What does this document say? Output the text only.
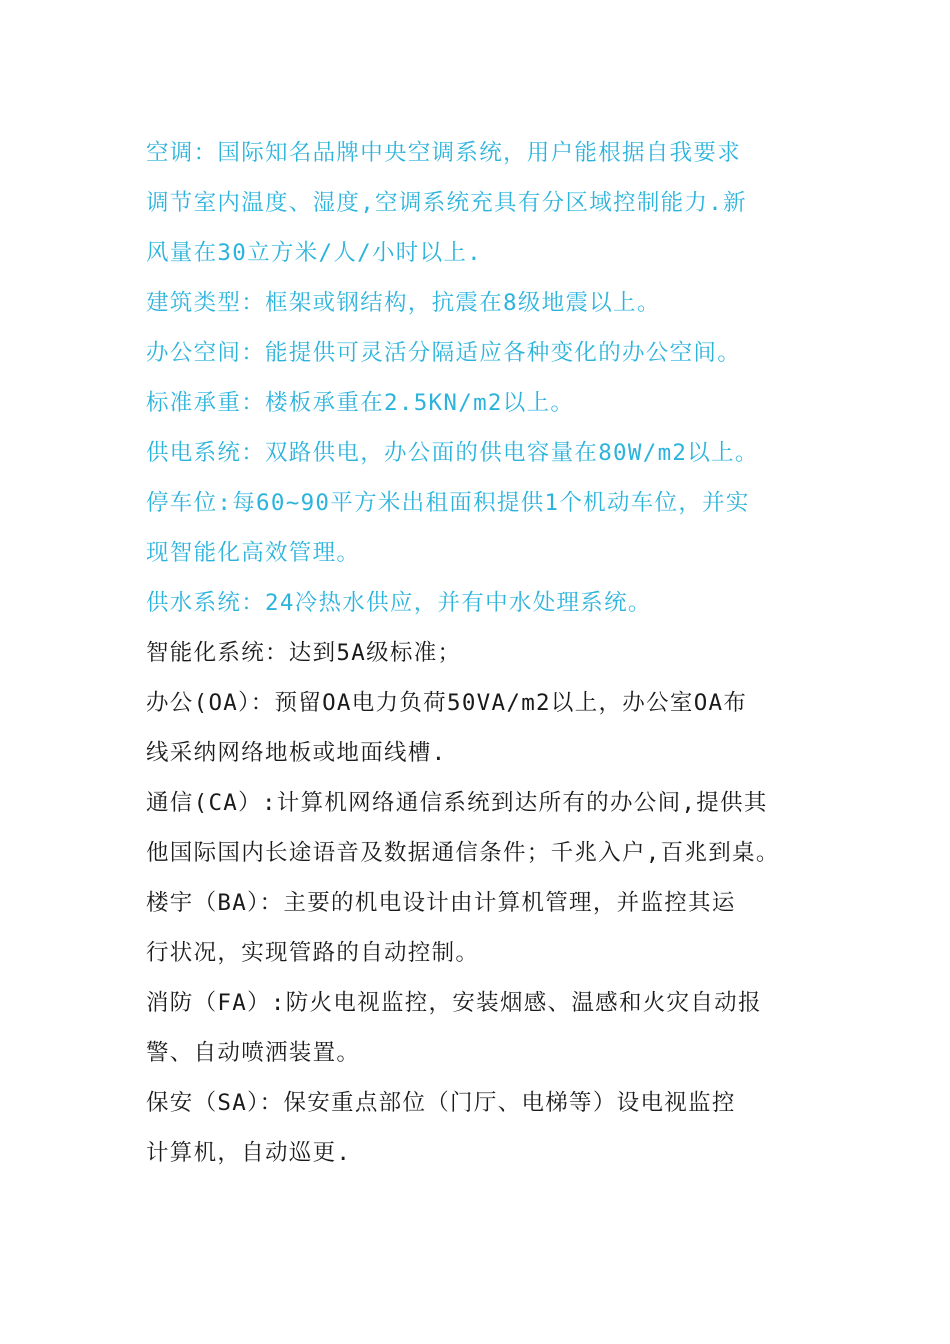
空调：国际知名品牌中央空调系统，用户能根据自我要求
调节室内温度、湿度,空调系统充具有分区域控制能力.新
风量在30立方米/人/小时以上.
建筑类型：框架或钢结构，抗震在8级地震以上。
办公空间：能提供可灵活分隔适应各种变化的办公空间。
标准承重：楼板承重在2.5KN/m2以上。
供电系统：双路供电，办公面的供电容量在80W/m2以上。
停车位:每60~90平方米出租面积提供1个机动车位，并实
现智能化高效管理。
供水系统：24冷热水供应，并有中水处理系统。
智能化系统：达到5A级标准；
办公(OA）：预留OA电力负荷50VA/m2以上，办公室OA布
线采纳网络地板或地面线槽.
通信(CA）:计算机网络通信系统到达所有的办公间,提供其
他国际国内长途语音及数据通信条件；千兆入户,百兆到桌。
楼宇（BA）：主要的机电设计由计算机管理，并监控其运
行状况，实现管路的自动控制。
消防（FA）:防火电视监控，安装烟感、温感和火灾自动报
警、自动喷洒装置。
保安（SA）：保安重点部位（门厅、电梯等）设电视监控
计算机，自动巡更.
